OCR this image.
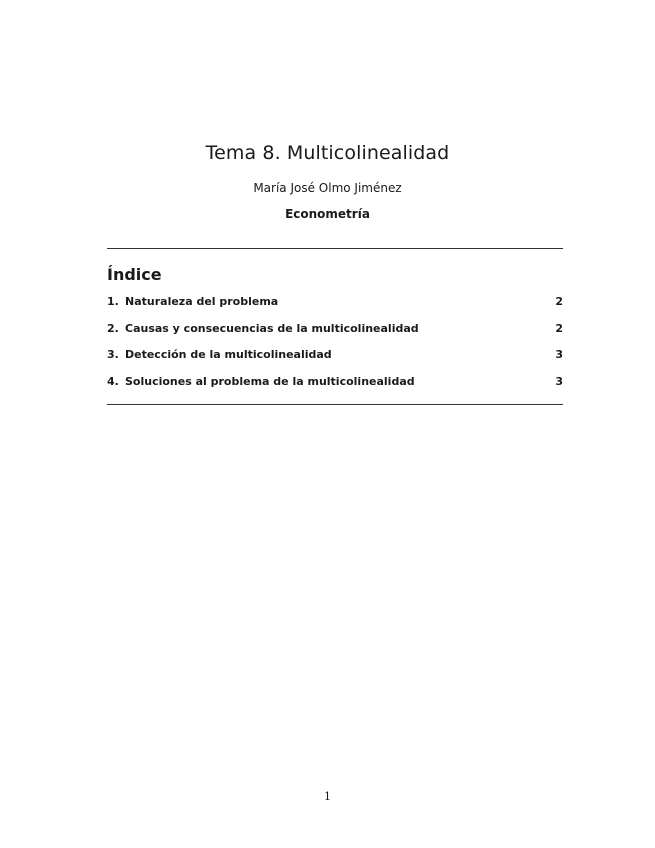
Tema 8. Multicolinealidad
María José Olmo Jiménez
Econometría
Índice
1. Naturaleza del problema	2
2. Causas y consecuencias de la multicolinealidad	2
3. Detección de la multicolinealidad	3
4. Soluciones al problema de la multicolinealidad	3
1
